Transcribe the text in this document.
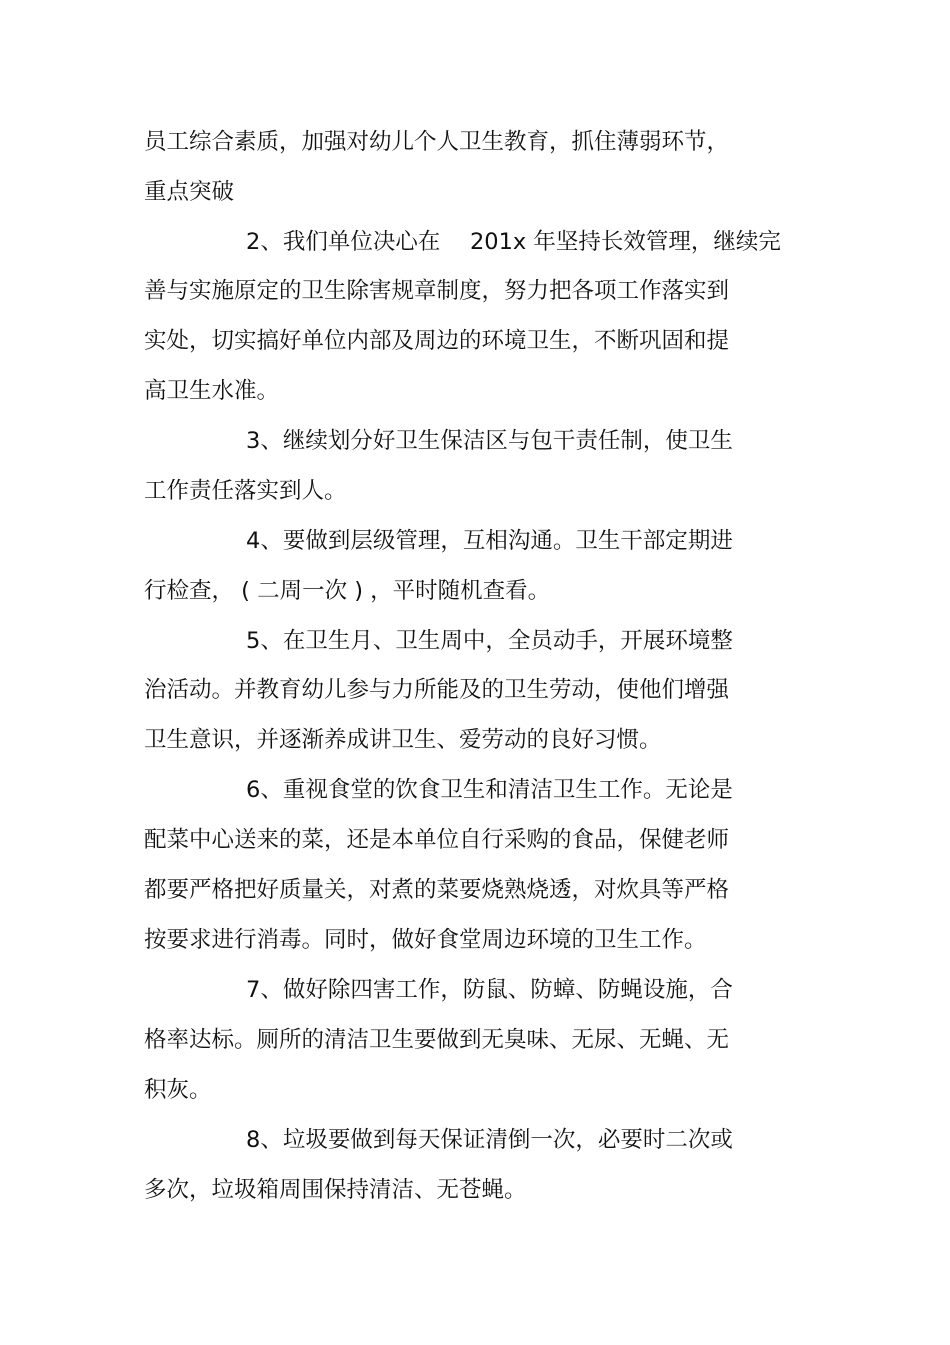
员工综合素质，加强对幼儿个人卫生教育，抓住薄弱环节，
重点突破
2、我们单位决心在　 201x 年坚持长效管理，继续完
善与实施原定的卫生除害规章制度，努力把各项工作落实到
实处，切实搞好单位内部及周边的环境卫生，不断巩固和提
高卫生水准。
3、继续划分好卫生保洁区与包干责任制，使卫生
工作责任落实到人。
4、要做到层级管理，互相沟通。卫生干部定期进
行检查， ( 二周一次 ) ，平时随机查看。
5、在卫生月、卫生周中，全员动手，开展环境整
治活动。并教育幼儿参与力所能及的卫生劳动，使他们增强
卫生意识，并逐渐养成讲卫生、爱劳动的良好习惯。
6、重视食堂的饮食卫生和清洁卫生工作。无论是
配菜中心送来的菜，还是本单位自行采购的食品，保健老师
都要严格把好质量关，对煮的菜要烧熟烧透，对炊具等严格
按要求进行消毒。同时，做好食堂周边环境的卫生工作。
7、做好除四害工作，防鼠、防蟑、防蝇设施，合
格率达标。厕所的清洁卫生要做到无臭味、无尿、无蝇、无
积灰。
8、垃圾要做到每天保证清倒一次，必要时二次或
多次，垃圾箱周围保持清洁、无苍蝇。
